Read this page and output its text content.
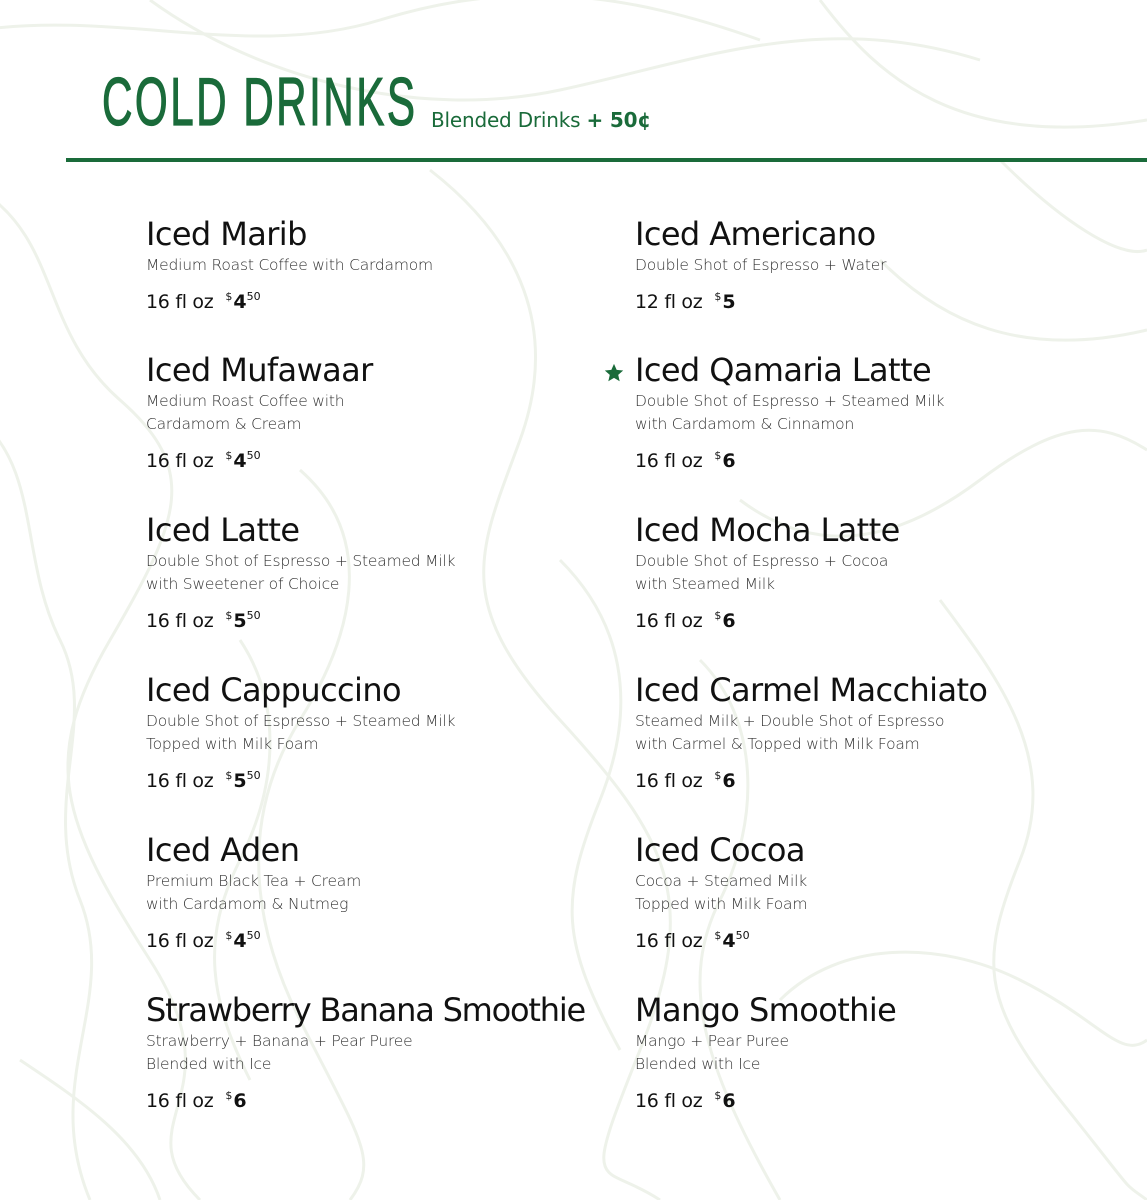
COLD DRINKS Blended Drinks + 50¢
Iced Marib
Medium Roast Coffee with Cardamom
16 fl oz $^{\$}4^{50}$
Iced Mufawaar
Medium Roast Coffee with
Cardamom & Cream
16 fl oz $^{\$}4^{50}$
Iced Latte
Double Shot of Espresso + Steamed Milk
with Sweetener of Choice
16 fl oz $^{\$}5^{50}$
Iced Cappuccino
Double Shot of Espresso + Steamed Milk
Topped with Milk Foam
16 fl oz $^{\$}5^{50}$
Iced Aden
Premium Black Tea + Cream
with Cardamom & Nutmeg
16 fl oz $^{\$}4^{50}$
Strawberry Banana Smoothie
Strawberry + Banana + Pear Puree
Blended with Ice
16 fl oz $6
Iced Americano
Double Shot of Espresso + Water
12 fl oz $5
Iced Qamaria Latte
Double Shot of Espresso + Steamed Milk
with Cardamom & Cinnamon
16 fl oz $6
Iced Mocha Latte
Double Shot of Espresso + Cocoa
with Steamed Milk
16 fl oz $6
Iced Carmel Macchiato
Steamed Milk + Double Shot of Espresso
with Carmel & Topped with Milk Foam
16 fl oz $6
Iced Cocoa
Cocoa + Steamed Milk
Topped with Milk Foam
16 fl oz $^{\$}4^{50}$
Mango Smoothie
Mango + Pear Puree
Blended with Ice
16 fl oz $6
